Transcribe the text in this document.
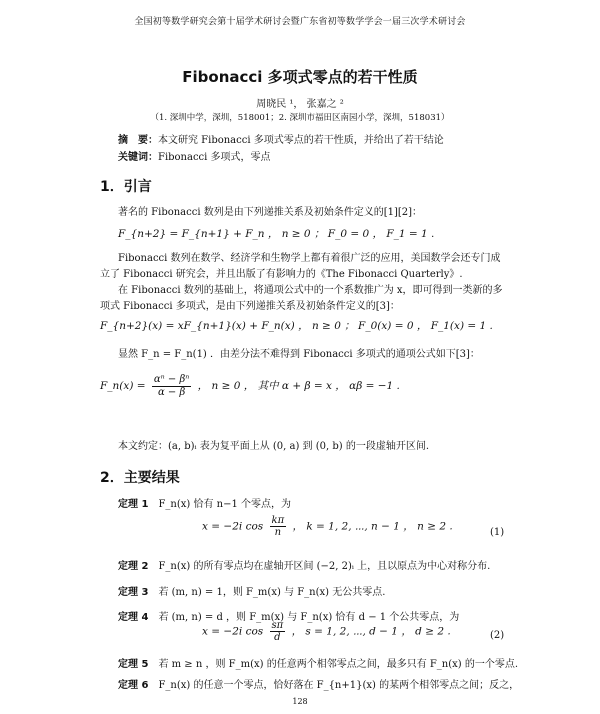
全国初等数学研究会第十届学术研讨会暨广东省初等数学学会一届三次学术研讨会
Fibonacci 多项式零点的若干性质
周晓民 ¹， 张嘉之 ²
（1. 深圳中学，深圳，518001；2. 深圳市福田区南园小学，深圳，518031）
摘　要：本文研究 Fibonacci 多项式零点的若干性质，并给出了若干结论
关键词：Fibonacci 多项式，零点
1．引言
著名的 Fibonacci 数列是由下列递推关系及初始条件定义的[1][2]：
F_{n+2} = F_{n+1} + F_n ， n ≥ 0 ； F_0 = 0 ， F_1 = 1 .
Fibonacci 数列在数学、经济学和生物学上都有着很广泛的应用，美国数学会还专门成
立了 Fibonacci 研究会，并且出版了有影响力的《The Fibonacci Quarterly》.
在 Fibonacci 数列的基础上，将通项公式中的一个系数推广为 x，即可得到一类新的多
项式 Fibonacci 多项式，是由下列递推关系及初始条件定义的[3]：
F_{n+2}(x) = xF_{n+1}(x) + F_n(x) ， n ≥ 0 ； F_0(x) = 0 ， F_1(x) = 1 .
显然 F_n = F_n(1) ．由差分法不难得到 Fibonacci 多项式的通项公式如下[3]：
F_n(x) = $\frac{\text{αⁿ − βⁿ}}{\alpha - \beta}$ ， n ≥ 0 ， 其中 α + β = x ， αβ = −1 .
本文约定：(a, b)ᵢ 表为复平面上从 (0, a) 到 (0, b) 的一段虚轴开区间.
2．主要结果
定理 1 F_n(x) 恰有 n−1 个零点，为
x = −2i $\cos \frac{k\pi}{n}$ ， k = 1, 2, ⋯, n − 1 ， n ≥ 2 .	(1)
定理 2 F_n(x) 的所有零点均在虚轴开区间 (−2, 2)ᵢ 上，且以原点为中心对称分布.
定理 3 若 (m, n) = 1，则 F_m(x) 与 F_n(x) 无公共零点.
定理 4 若 (m, n) = d ，则 F_m(x) 与 F_n(x) 恰有 d − 1 个公共零点，为
x = −2i $\cos \frac{s\pi}{d}$ ， s = 1, 2, ⋯, d − 1 ， d ≥ 2 .	(2)
定理 5 若 m ≥ n ，则 F_m(x) 的任意两个相邻零点之间，最多只有 F_n(x) 的一个零点.
定理 6 F_n(x) 的任意一个零点，恰好落在 F_{n+1}(x) 的某两个相邻零点之间；反之，
128
